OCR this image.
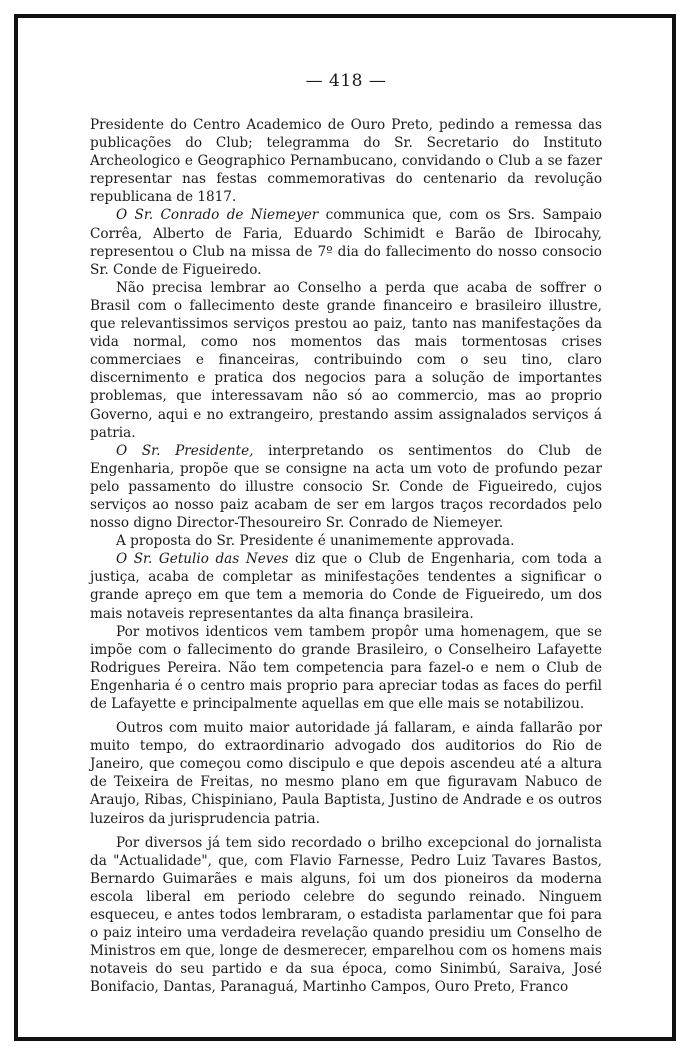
— 418 —

Presidente do Centro Academico de Ouro Preto, pedindo a remessa das publicações do Club; telegramma do Sr. Secretario do Instituto Archeologico e Geographico Pernambucano, convidando o Club a se fazer representar nas festas commemorativas do centenario da revolução republicana de 1817.

O Sr. Conrado de Niemeyer communica que, com os Srs. Sampaio Corrêa, Alberto de Faria, Eduardo Schimidt e Barão de Ibirocahy, representou o Club na missa de 7º dia do fallecimento do nosso consocio Sr. Conde de Figueiredo.

Não precisa lembrar ao Conselho a perda que acaba de soffrer o Brasil com o fallecimento deste grande financeiro e brasileiro illustre, que relevantissimos serviços prestou ao paiz, tanto nas manifestações da vida normal, como nos momentos das mais tormentosas crises commerciaes e financeiras, contribuindo com o seu tino, claro discernimento e pratica dos negocios para a solução de importantes problemas, que interessavam não só ao commercio, mas ao proprio Governo, aqui e no extrangeiro, prestando assim assignalados serviços á patria.

O Sr. Presidente, interpretando os sentimentos do Club de Engenharia, propõe que se consigne na acta um voto de profundo pezar pelo passamento do illustre consocio Sr. Conde de Figueiredo, cujos serviços ao nosso paiz acabam de ser em largos traços recordados pelo nosso digno Director-Thesoureiro Sr. Conrado de Niemeyer.

A proposta do Sr. Presidente é unanimemente approvada.

O Sr. Getulio das Neves diz que o Club de Engenharia, com toda a justiça, acaba de completar as minifestações tendentes a significar o grande apreço em que tem a memoria do Conde de Figueiredo, um dos mais notaveis representantes da alta finança brasileira.

Por motivos identicos vem tambem propôr uma homenagem, que se impõe com o fallecimento do grande Brasileiro, o Conselheiro Lafayette Rodrigues Pereira. Não tem competencia para fazel-o e nem o Club de Engenharia é o centro mais proprio para apreciar todas as faces do perfil de Lafayette e principalmente aquellas em que elle mais se notabilizou.

Outros com muito maior autoridade já fallaram, e ainda fallarão por muito tempo, do extraordinario advogado dos auditorios do Rio de Janeiro, que começou como discipulo e que depois ascendeu até a altura de Teixeira de Freitas, no mesmo plano em que figuravam Nabuco de Araujo, Ribas, Chispiniano, Paula Baptista, Justino de Andrade e os outros luzeiros da jurisprudencia patria.

Por diversos já tem sido recordado o brilho excepcional do jornalista da "Actualidade", que, com Flavio Farnesse, Pedro Luiz Tavares Bastos, Bernardo Guimarães e mais alguns, foi um dos pioneiros da moderna escola liberal em periodo celebre do segundo reinado. Ninguem esqueceu, e antes todos lembraram, o estadista parlamentar que foi para o paiz inteiro uma verdadeira revelação quando presidiu um Conselho de Ministros em que, longe de desmerecer, emparelhou com os homens mais notaveis do seu partido e da sua época, como Sinimbú, Saraiva, José Bonifacio, Dantas, Paranaguá, Martinho Campos, Ouro Preto, Franco
